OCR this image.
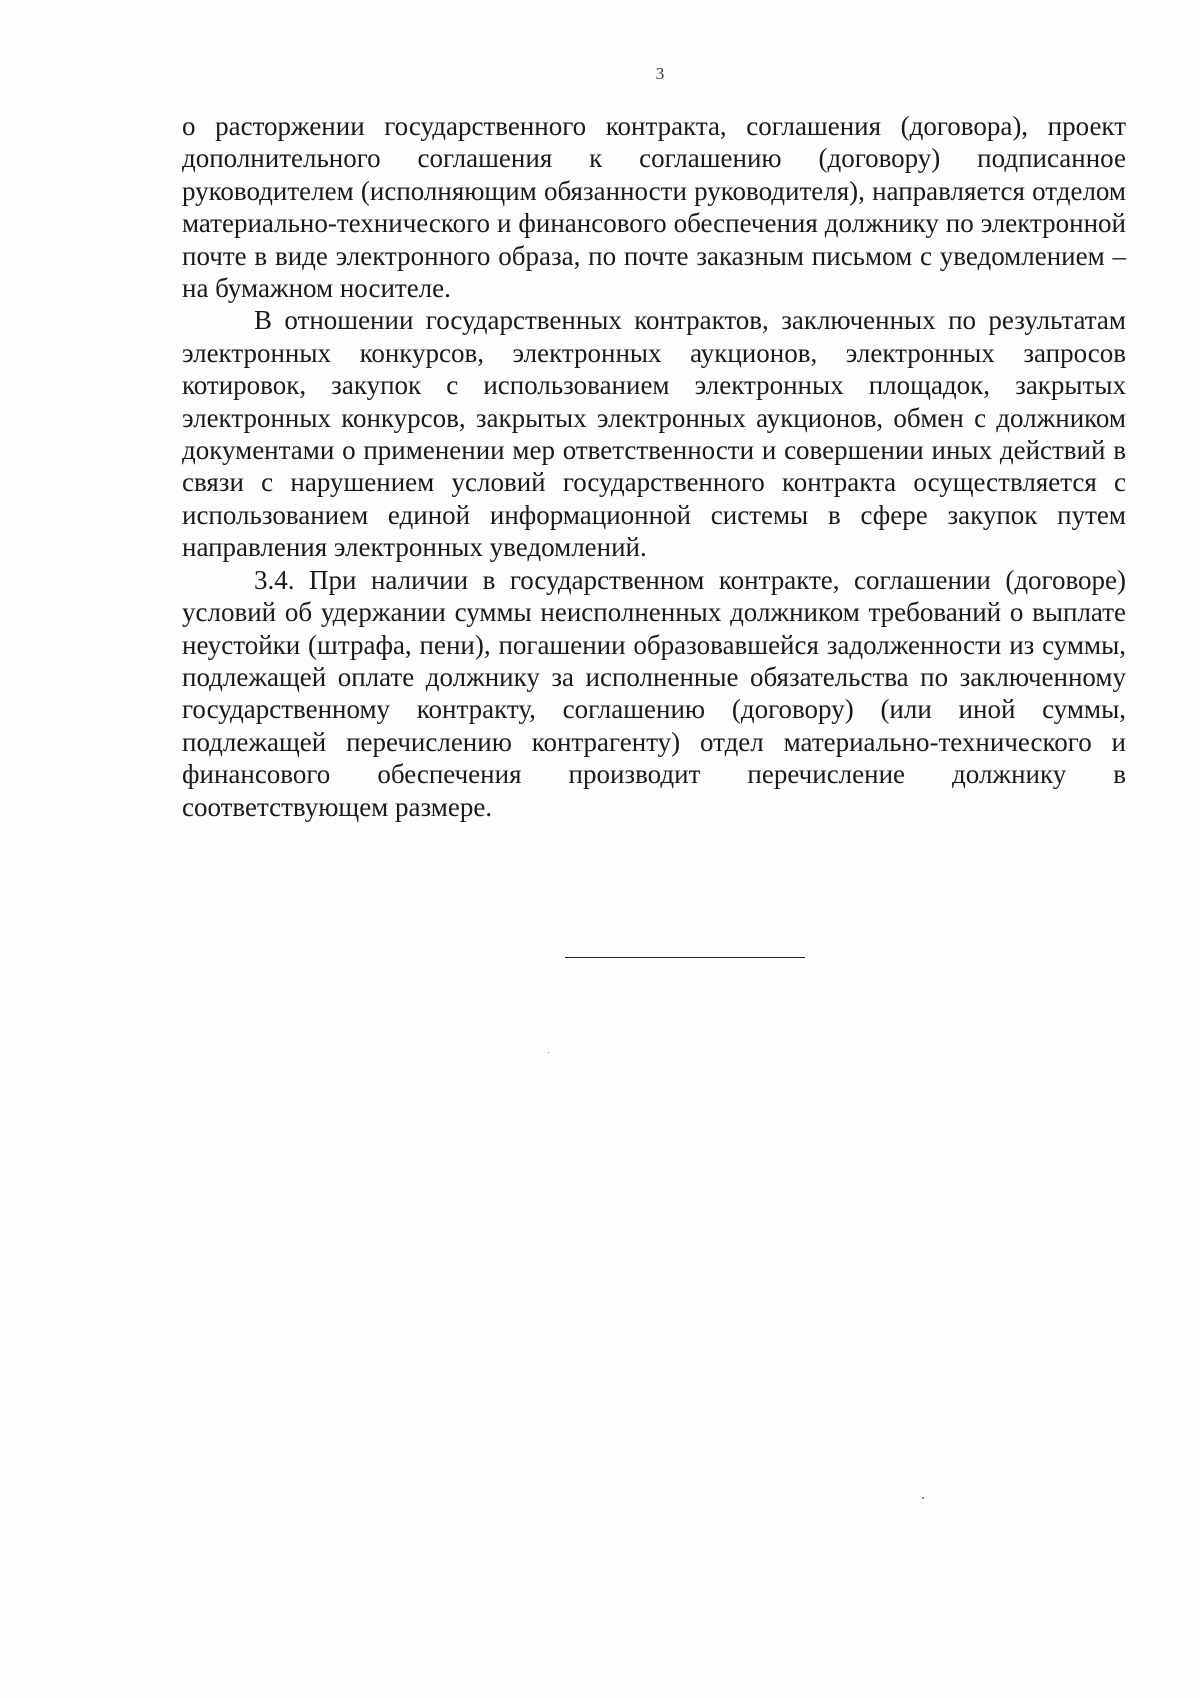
3

о расторжении государственного контракта, соглашения (договора), проект дополнительного соглашения к соглашению (договору) подписанное руководителем (исполняющим обязанности руководителя), направляется отделом материально-технического и финансового обеспечения должнику по электронной почте в виде электронного образа, по почте заказным письмом с уведомлением – на бумажном носителе.

В отношении государственных контрактов, заключенных по результатам электронных конкурсов, электронных аукционов, электронных запросов котировок, закупок с использованием электронных площадок, закрытых электронных конкурсов, закрытых электронных аукционов, обмен с должником документами о применении мер ответственности и совершении иных действий в связи с нарушением условий государственного контракта осуществляется с использованием единой информационной системы в сфере закупок путем направления электронных уведомлений.

3.4. При наличии в государственном контракте, соглашении (договоре) условий об удержании суммы неисполненных должником требований о выплате неустойки (штрафа, пени), погашении образовавшейся задолженности из суммы, подлежащей оплате должнику за исполненные обязательства по заключенному государственному контракту, соглашению (договору) (или иной суммы, подлежащей перечислению контрагенту) отдел материально-технического и финансового обеспечения производит перечисление должнику в соответствующем размере.
